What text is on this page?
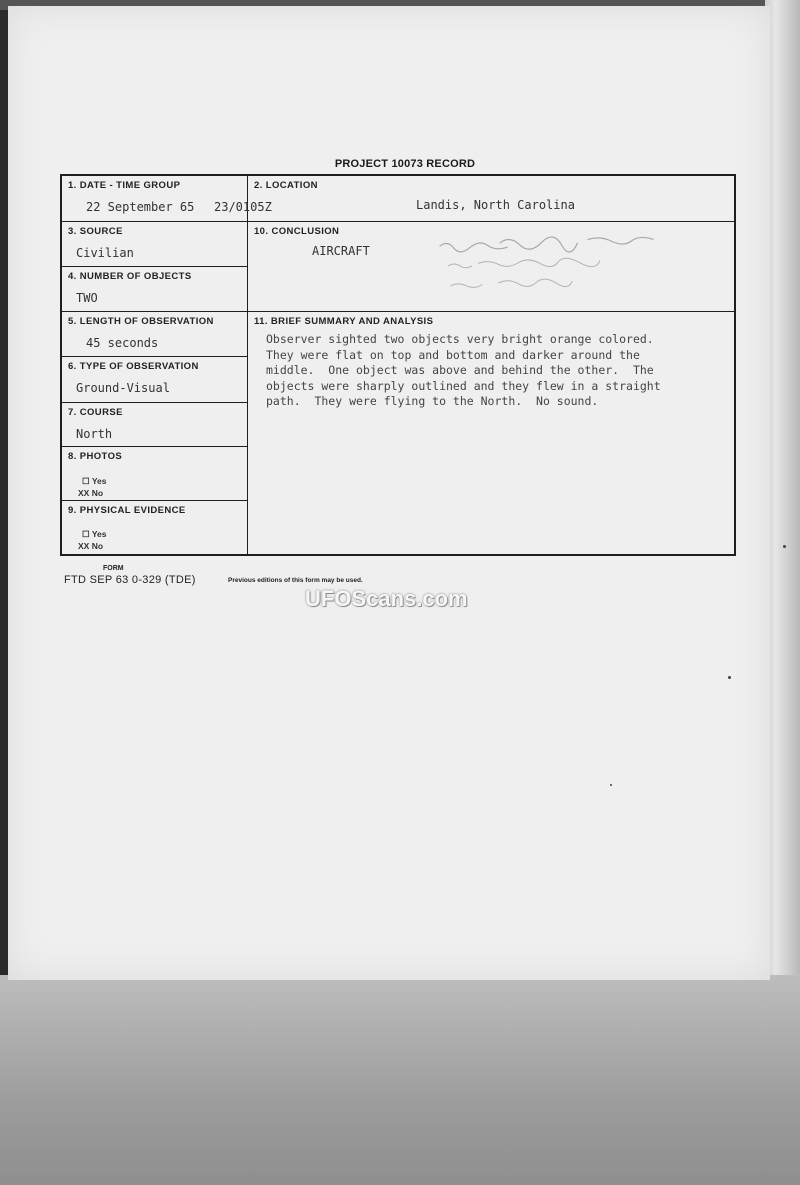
PROJECT 10073 RECORD
1. DATE - TIME GROUP
22 September 65 23/0105Z
2. LOCATION
Landis, North Carolina
3. SOURCE
Civilian
10. CONCLUSION
AIRCRAFT
4. NUMBER OF OBJECTS
TWO
5. LENGTH OF OBSERVATION
45 seconds
6. TYPE OF OBSERVATION
Ground-Visual
7. COURSE
North
8. PHOTOS
☐ Yes
XX No
9. PHYSICAL EVIDENCE
☐ Yes
XX No
11. BRIEF SUMMARY AND ANALYSIS
Observer sighted two objects very bright orange colored.
They were flat on top and bottom and darker around the
middle.  One object was above and behind the other.  The
objects were sharply outlined and they flew in a straight
path.  They were flying to the North.  No sound.
FORM
FTD SEP 63 0-329 (TDE)	Previous editions of this form may be used.
UFOScans.com
